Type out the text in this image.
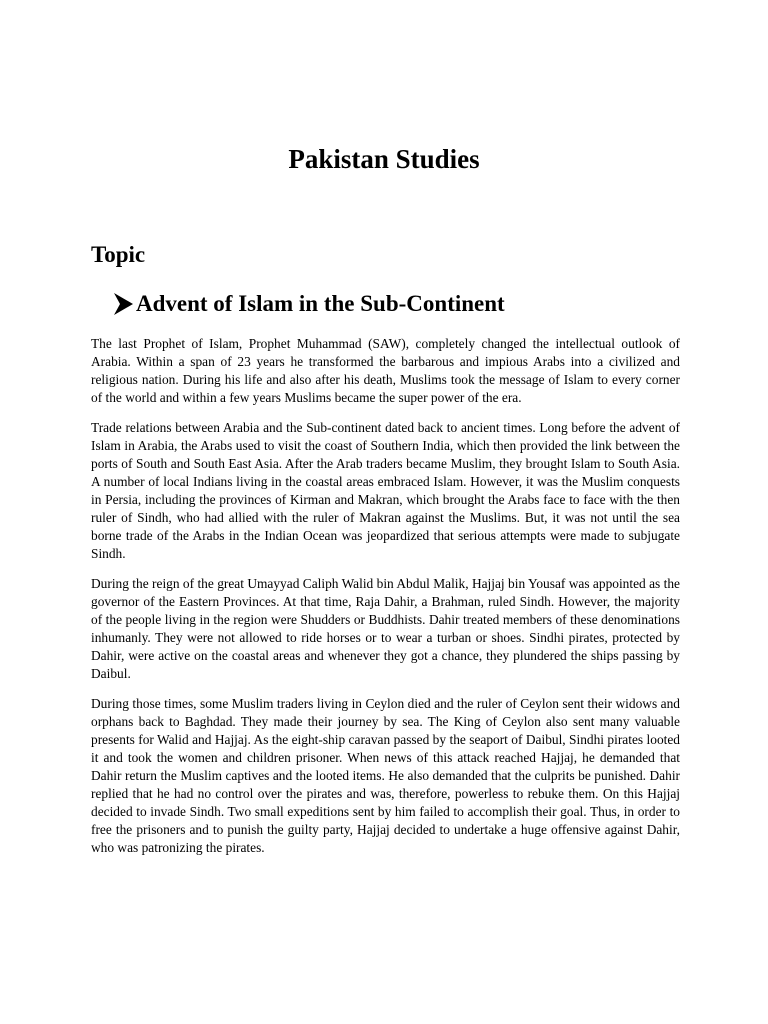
Pakistan Studies
Topic
Advent of Islam in the Sub-Continent

The last Prophet of Islam, Prophet Muhammad (SAW), completely changed the intellectual outlook of Arabia. Within a span of 23 years he transformed the barbarous and impious Arabs into a civilized and religious nation. During his life and also after his death, Muslims took the message of Islam to every corner of the world and within a few years Muslims became the super power of the era.

Trade relations between Arabia and the Sub-continent dated back to ancient times. Long before the advent of Islam in Arabia, the Arabs used to visit the coast of Southern India, which then provided the link between the ports of South and South East Asia. After the Arab traders became Muslim, they brought Islam to South Asia. A number of local Indians living in the coastal areas embraced Islam. However, it was the Muslim conquests in Persia, including the provinces of Kirman and Makran, which brought the Arabs face to face with the then ruler of Sindh, who had allied with the ruler of Makran against the Muslims. But, it was not until the sea borne trade of the Arabs in the Indian Ocean was jeopardized that serious attempts were made to subjugate Sindh.

During the reign of the great Umayyad Caliph Walid bin Abdul Malik, Hajjaj bin Yousaf was appointed as the governor of the Eastern Provinces. At that time, Raja Dahir, a Brahman, ruled Sindh. However, the majority of the people living in the region were Shudders or Buddhists. Dahir treated members of these denominations inhumanly. They were not allowed to ride horses or to wear a turban or shoes. Sindhi pirates, protected by Dahir, were active on the coastal areas and whenever they got a chance, they plundered the ships passing by Daibul.

During those times, some Muslim traders living in Ceylon died and the ruler of Ceylon sent their widows and orphans back to Baghdad. They made their journey by sea. The King of Ceylon also sent many valuable presents for Walid and Hajjaj. As the eight-ship caravan passed by the seaport of Daibul, Sindhi pirates looted it and took the women and children prisoner. When news of this attack reached Hajjaj, he demanded that Dahir return the Muslim captives and the looted items. He also demanded that the culprits be punished. Dahir replied that he had no control over the pirates and was, therefore, powerless to rebuke them. On this Hajjaj decided to invade Sindh. Two small expeditions sent by him failed to accomplish their goal. Thus, in order to free the prisoners and to punish the guilty party, Hajjaj decided to undertake a huge offensive against Dahir, who was patronizing the pirates.
